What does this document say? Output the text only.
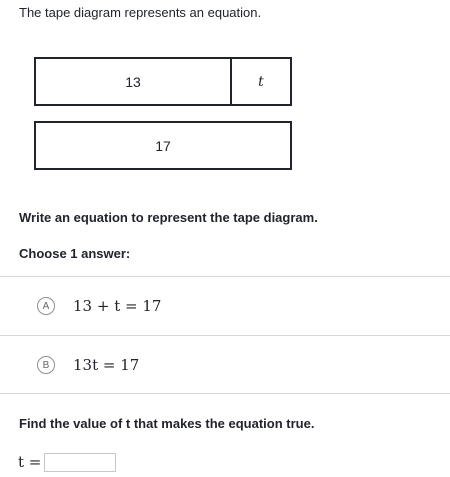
The tape diagram represents an equation.
13	t
17
Write an equation to represent the tape diagram.
Choose 1 answer:
A	13 + t = 17
B	13t = 17
Find the value of t that makes the equation true.
t =
